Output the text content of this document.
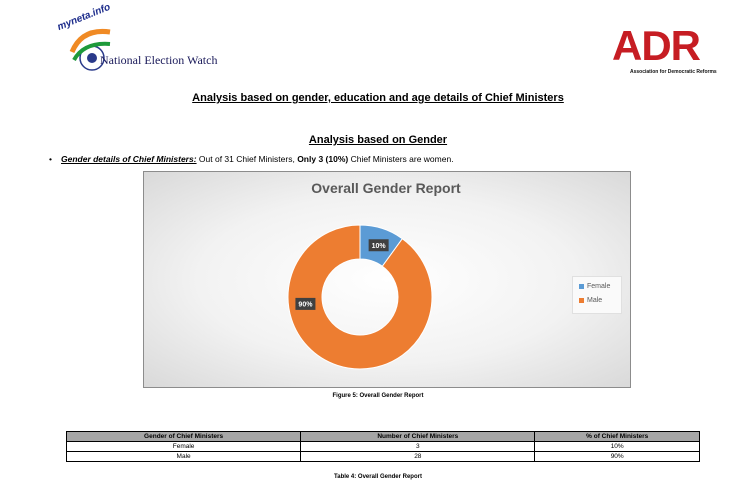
myneta.info
National Election Watch	ADR
Association for Democratic Reforms
Analysis based on gender, education and age details of Chief Ministers
Analysis based on Gender
• Gender details of Chief Ministers: Out of 31 Chief Ministers, Only 3 (10%) Chief Ministers are women.
Overall Gender Report
10%
90%
Female
Male
Figure 5: Overall Gender Report
Gender of Chief Ministers	Number of Chief Ministers	% of Chief Ministers
Female	3	10%
Male	28	90%
Table 4: Overall Gender Report
